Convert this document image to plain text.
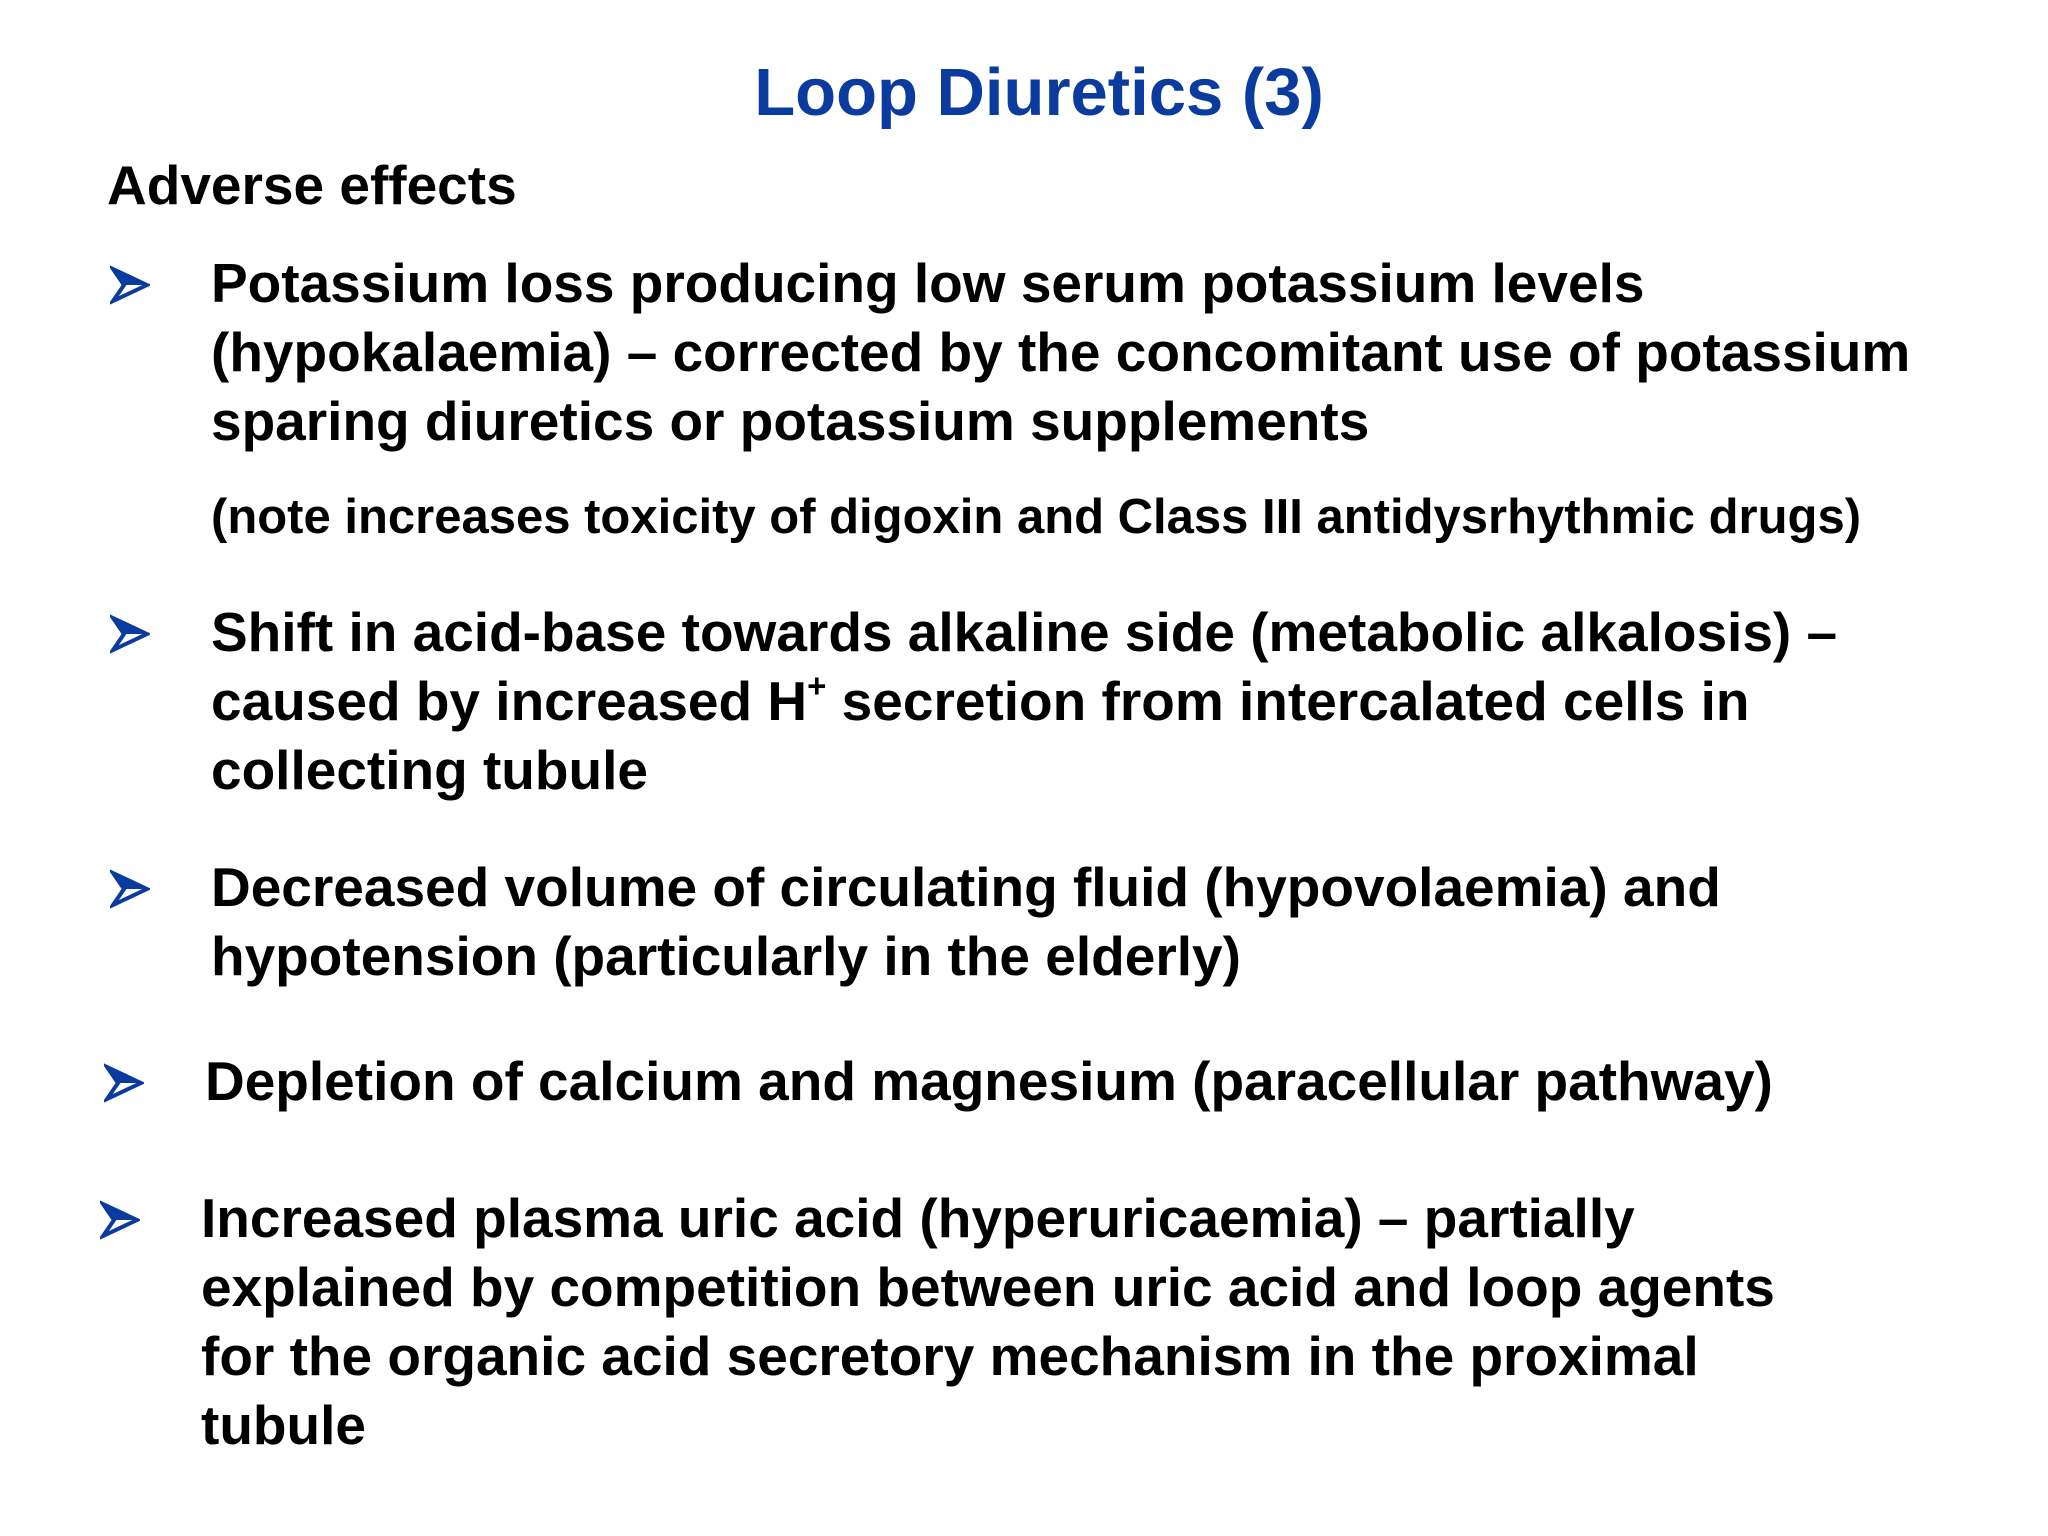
Loop Diuretics (3)
Adverse effects
Potassium loss producing low serum potassium levels
(hypokalaemia) – corrected by the concomitant use of potassium
sparing diuretics or potassium supplements
(note increases toxicity of digoxin and Class III antidysrhythmic drugs)
Shift in acid-base towards alkaline side (metabolic alkalosis) –
caused by increased H+ secretion from intercalated cells in
collecting tubule
Decreased volume of circulating fluid (hypovolaemia) and
hypotension (particularly in the elderly)
Depletion of calcium and magnesium (paracellular pathway)
Increased plasma uric acid (hyperuricaemia) – partially
explained by competition between uric acid and loop agents
for the organic acid secretory mechanism in the proximal
tubule
